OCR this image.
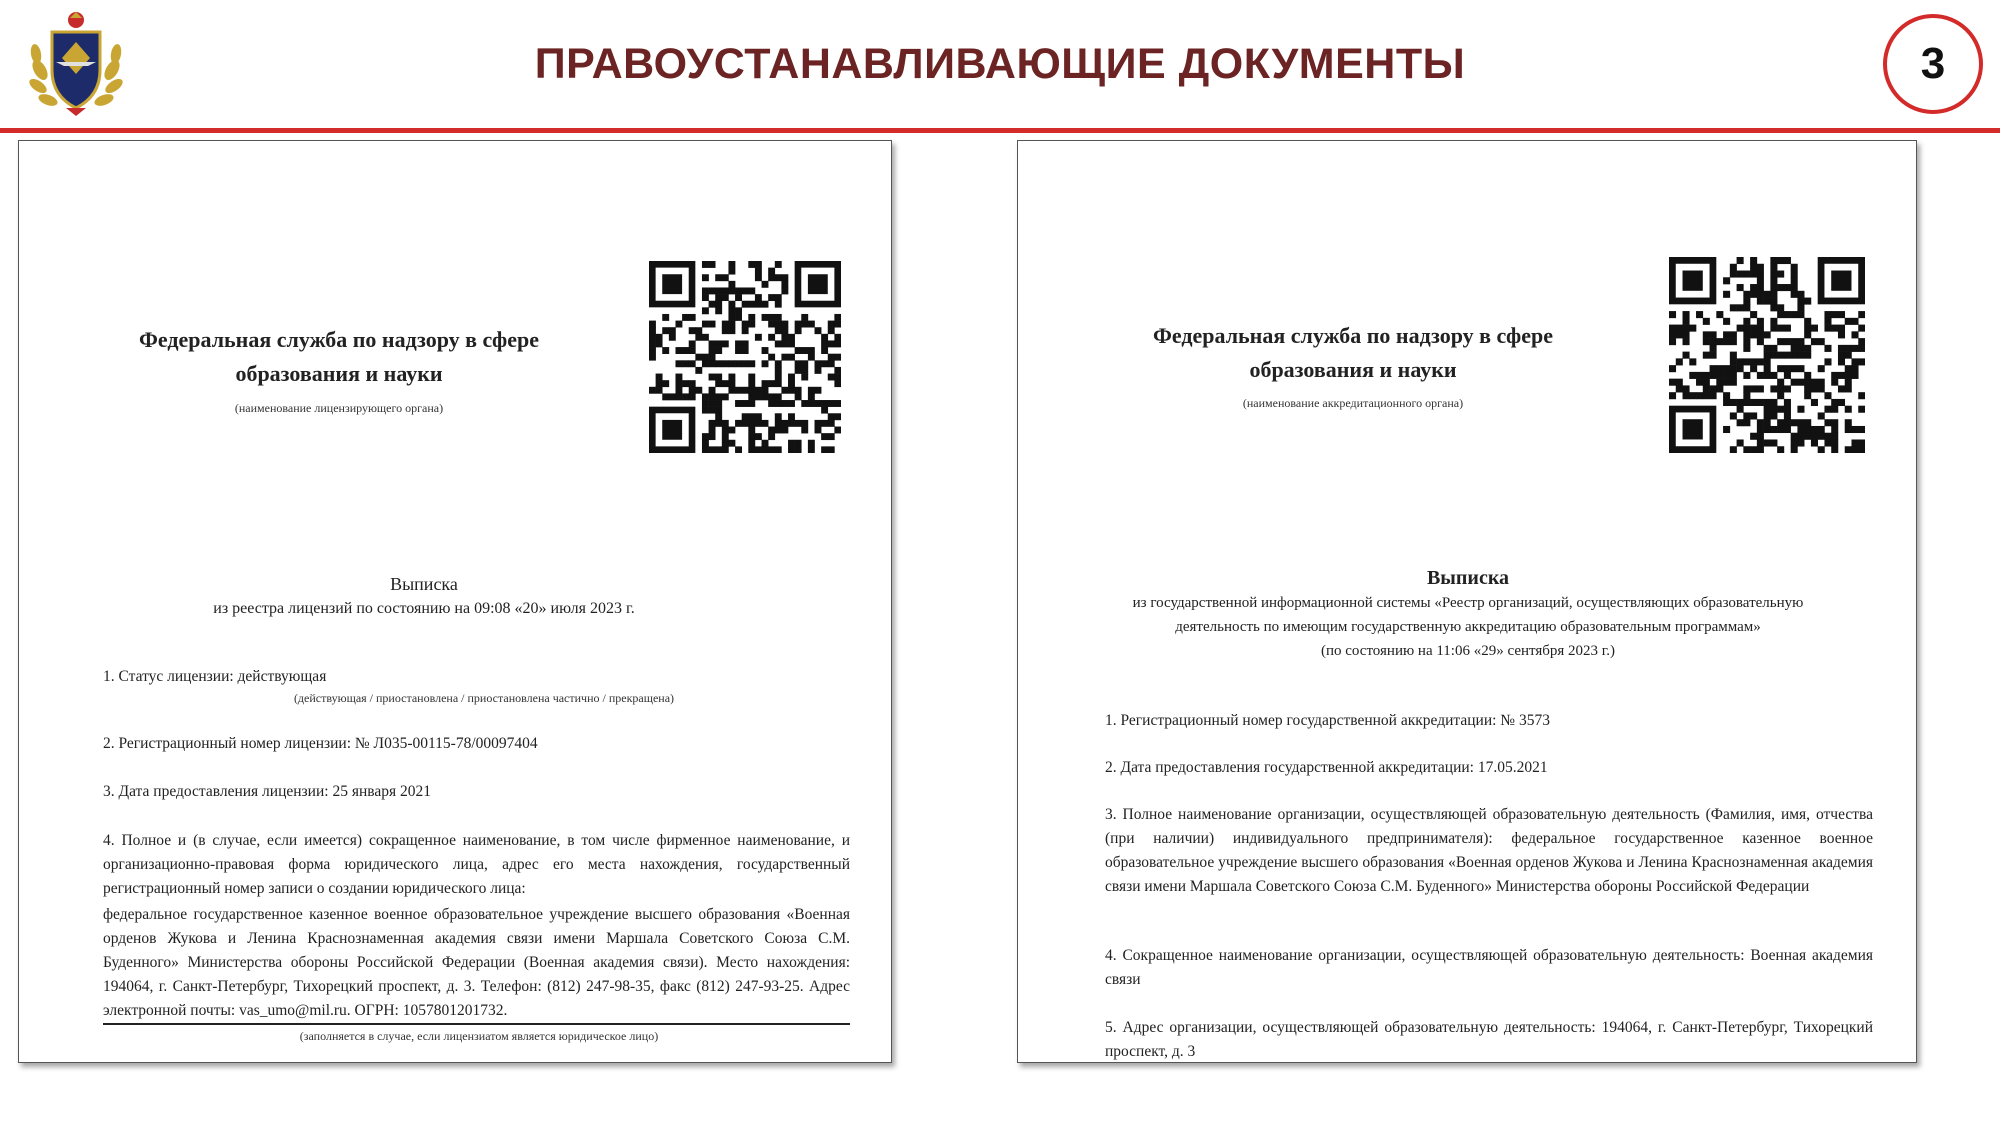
ПРАВОУСТАНАВЛИВАЮЩИЕ ДОКУМЕНТЫ	3
Федеральная служба по надзору в сфере
образования и науки
(наименование лицензирующего органа)
Выписка
из реестра лицензий по состоянию на 09:08 «20» июля 2023 г.
1. Статус лицензии: действующая
(действующая / приостановлена / приостановлена частично / прекращена)
2. Регистрационный номер лицензии: № Л035-00115-78/00097404
3. Дата предоставления лицензии: 25 января 2021
4. Полное и (в случае, если имеется) сокращенное наименование, в том числе фирменное наименование, и организационно-правовая форма юридического лица, адрес его места нахождения, государственный регистрационный номер записи о создании юридического лица:
федеральное государственное казенное военное образовательное учреждение высшего образования «Военная орденов Жукова и Ленина Краснознаменная академия связи имени Маршала Советского Союза С.М. Буденного» Министерства обороны Российской Федерации (Военная академия связи). Место нахождения: 194064, г. Санкт-Петербург, Тихорецкий проспект, д. 3. Телефон: (812) 247-98-35, факс (812) 247-93-25. Адрес электронной почты: vas_umo@mil.ru. ОГРН: 1057801201732.
(заполняется в случае, если лицензиатом является юридическое лицо)
Федеральная служба по надзору в сфере
образования и науки
(наименование аккредитационного органа)
Выписка
из государственной информационной системы «Реестр организаций, осуществляющих образовательную
деятельность по имеющим государственную аккредитацию образовательным программам»
(по состоянию на 11:06 «29» сентября 2023 г.)
1. Регистрационный номер государственной аккредитации: № 3573
2. Дата предоставления государственной аккредитации: 17.05.2021
3. Полное наименование организации, осуществляющей образовательную деятельность (Фамилия, имя, отчества (при наличии) индивидуального предпринимателя): федеральное государственное казенное военное образовательное учреждение высшего образования «Военная орденов Жукова и Ленина Краснознаменная академия связи имени Маршала Советского Союза С.М. Буденного» Министерства обороны Российской Федерации
4. Сокращенное наименование организации, осуществляющей образовательную деятельность: Военная академия связи
5. Адрес организации, осуществляющей образовательную деятельность: 194064, г. Санкт-Петербург, Тихорецкий проспект, д. 3
